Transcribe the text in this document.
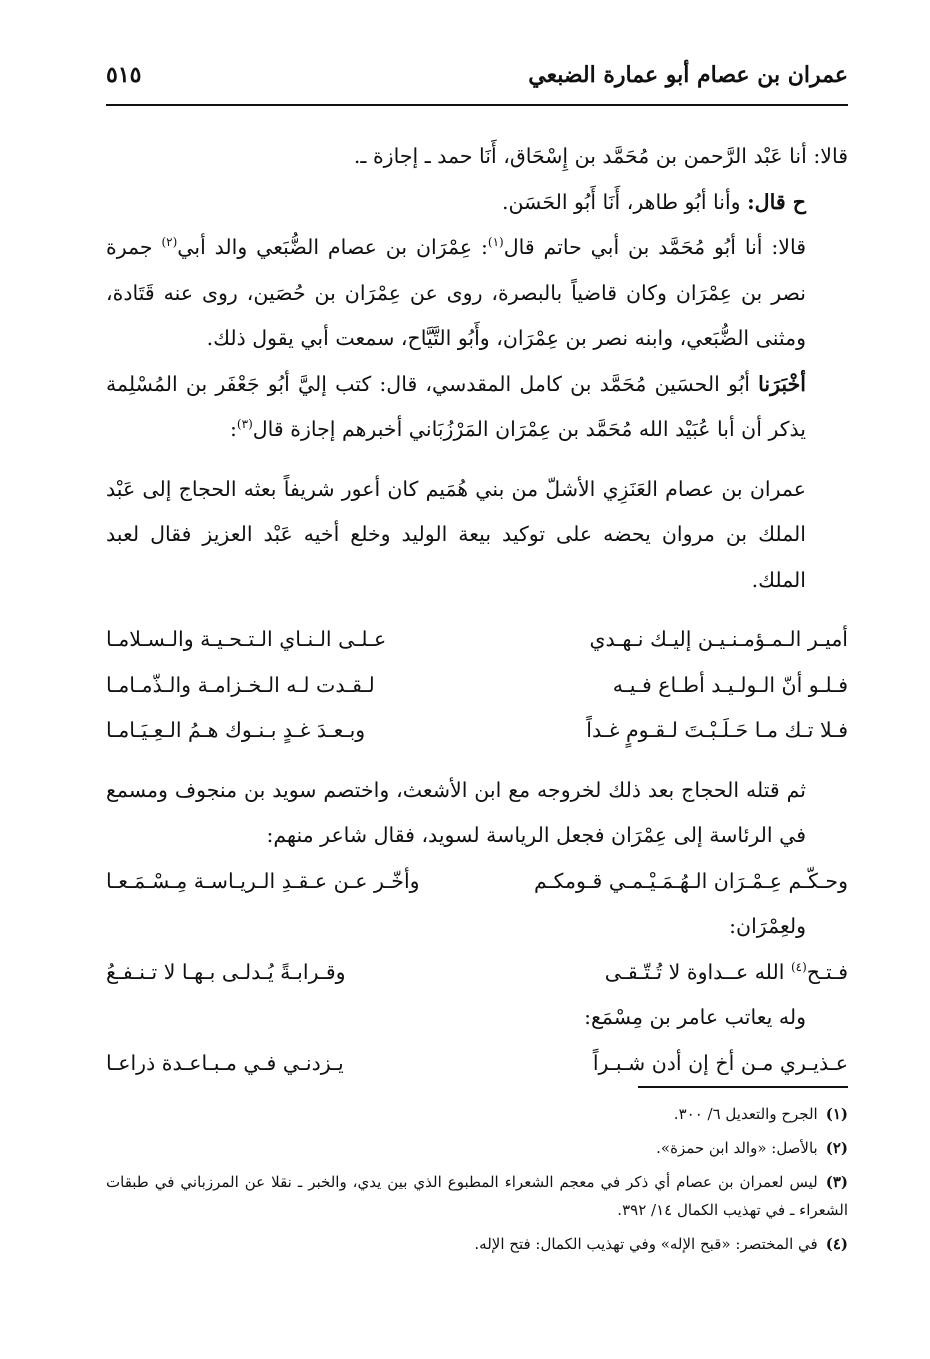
عمران بن عصام أبو عمارة الضبعي
٥١٥

قالا: أنا عَبْد الرَّحمن بن مُحَمَّد بن إِسْحَاق، أَنَا حمد ـ إجازة ـ.

ح قال: وأنا أبُو طاهر، أَنَا أَبُو الحَسَن.

قالا: أنا أبُو مُحَمَّد بن أبي حاتم قال$^{(١)}$: عِمْرَان بن عصام الضُّبَعي والد أبي$^{(٢)}$ جمرة نصر بن عِمْرَان وكان قاضياً بالبصرة، روى عن عِمْرَان بن حُصَين، روى عنه قَتَادة، ومثنى الضُّبَعي، وابنه نصر بن عِمْرَان، وأَبُو التَّيَّاح، سمعت أبي يقول ذلك.

أخْبَرَنا أبُو الحسَين مُحَمَّد بن كامل المقدسي، قال: كتب إليَّ أبُو جَعْفَر بن المُسْلِمة يذكر أن أبا عُبَيْد الله مُحَمَّد بن عِمْرَان المَرْزُبَاني أخبرهم إجازة قال$^{(٣)}$:

عمران بن عصام العَنَزِي الأشلّ من بني هُمَيم كان أعور شريفاً بعثه الحجاج إلى عَبْد الملك بن مروان يحضه على توكيد بيعة الوليد وخلع أخيه عَبْد العزيز فقال لعبد الملك.

أميـر الـمـؤمـنـيـن إليـك نـهـدي
عـلـى الـنـاي الـتـحـيـة والـسـلامـا
فـلـو أنّ الـولـيـد أطـاع فـيـه
لـقـدت لـه الـخـزامـة والـذّمـامـا
فـلا تـك مـا حَـلَـبْـتَ لـقـومٍ غـداً
وبـعـدَ غـدٍ بـنـوك هـمُ الـعِـيَـامـا

ثم قتله الحجاج بعد ذلك لخروجه مع ابن الأشعث، واختصم سويد بن منجوف ومسمع في الرئاسة إلى عِمْرَان فجعل الرياسة لسويد، فقال شاعر منهم:

وحـكّـم عِـمْـرَان الـهُـمَـيْـمـي قـومكـم
وأخّـر عـن عـقـدِ الـريـاسـة مِـسْـمَـعـا

ولعِمْرَان:

فـتـح$^{(٤)}$ الله عــداوة لا تُـتّـقـى
وقـرابـةً يُـدلـى بـهـا لا تـنـفـعُ

وله يعاتب عامر بن مِسْمَع:

عـذيـري مـن أخ إن أدن شـبـراً
يـزدنـي فـي مـبـاعـدة ذراعـا

(١)الجرح والتعديل ٦/ ٣٠٠.

(٢)بالأصل: «والد ابن حمزة».

(٣)ليس لعمران بن عصام أي ذكر في معجم الشعراء المطبوع الذي بين يدي، والخبر ـ نقلا عن المرزباني في طبقات الشعراء ـ في تهذيب الكمال ١٤/ ٣٩٢.

(٤)في المختصر: «قبح الإله» وفي تهذيب الكمال: فتح الإله.
